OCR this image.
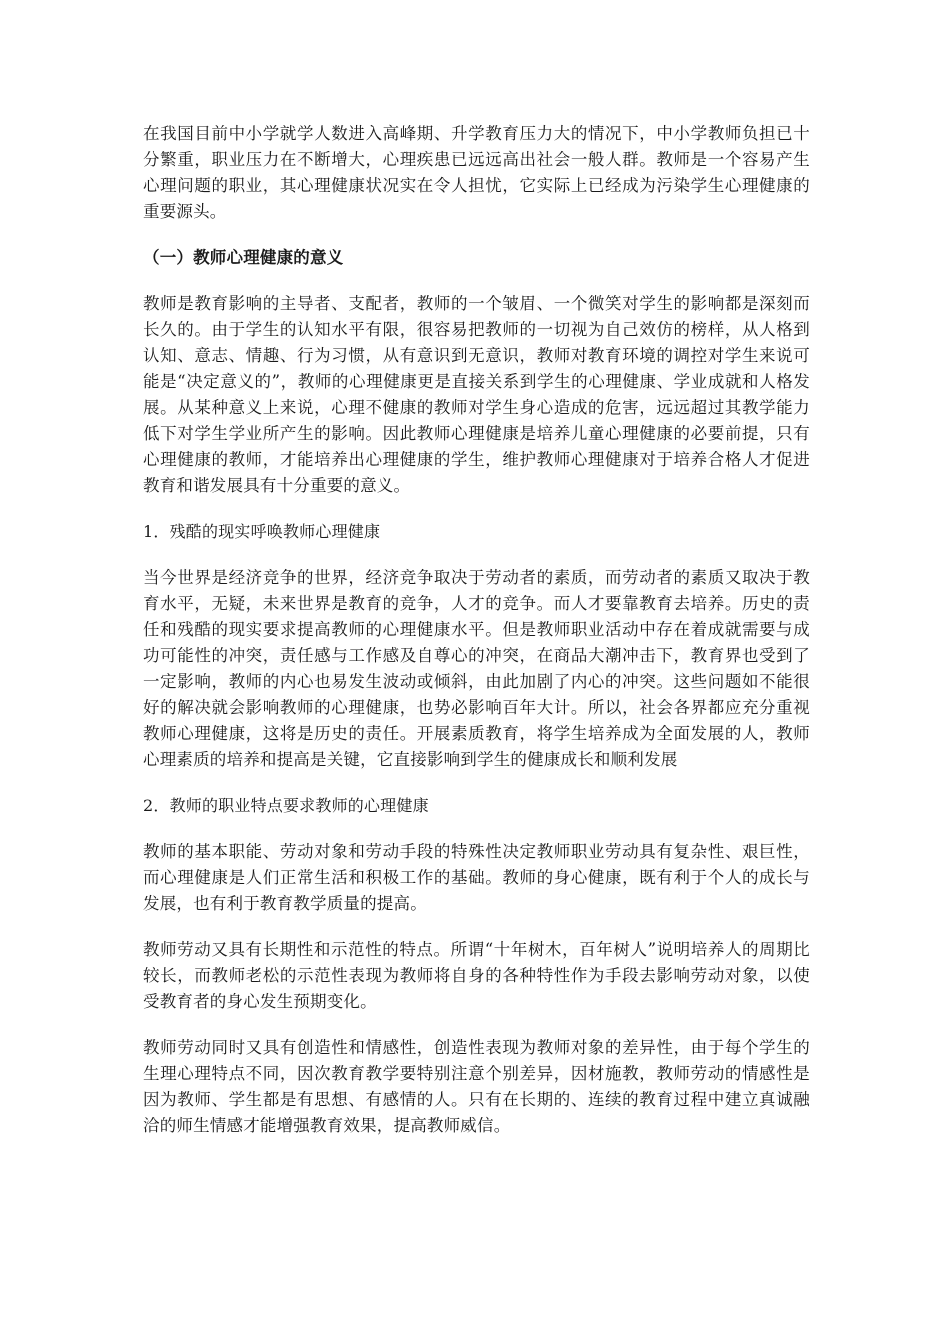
在我国目前中小学就学人数进入高峰期、升学教育压力大的情况下，中小学教师负担已十分繁重，职业压力在不断增大，心理疾患已远远高出社会一般人群。教师是一个容易产生心理问题的职业，其心理健康状况实在令人担忧，它实际上已经成为污染学生心理健康的重要源头。

（一）教师心理健康的意义

教师是教育影响的主导者、支配者，教师的一个皱眉、一个微笑对学生的影响都是深刻而长久的。由于学生的认知水平有限，很容易把教师的一切视为自己效仿的榜样，从人格到认知、意志、情趣、行为习惯，从有意识到无意识，教师对教育环境的调控对学生来说可能是“决定意义的”，教师的心理健康更是直接关系到学生的心理健康、学业成就和人格发展。从某种意义上来说，心理不健康的教师对学生身心造成的危害，远远超过其教学能力低下对学生学业所产生的影响。因此教师心理健康是培养儿童心理健康的必要前提，只有心理健康的教师，才能培养出心理健康的学生，维护教师心理健康对于培养合格人才促进教育和谐发展具有十分重要的意义。

1．残酷的现实呼唤教师心理健康

当今世界是经济竞争的世界，经济竞争取决于劳动者的素质，而劳动者的素质又取决于教育水平，无疑，未来世界是教育的竞争，人才的竞争。而人才要靠教育去培养。历史的责任和残酷的现实要求提高教师的心理健康水平。但是教师职业活动中存在着成就需要与成功可能性的冲突，责任感与工作感及自尊心的冲突，在商品大潮冲击下，教育界也受到了一定影响，教师的内心也易发生波动或倾斜，由此加剧了内心的冲突。这些问题如不能很好的解决就会影响教师的心理健康，也势必影响百年大计。所以，社会各界都应充分重视教师心理健康，这将是历史的责任。开展素质教育，将学生培养成为全面发展的人，教师心理素质的培养和提高是关键，它直接影响到学生的健康成长和顺利发展

2．教师的职业特点要求教师的心理健康

教师的基本职能、劳动对象和劳动手段的特殊性决定教师职业劳动具有复杂性、艰巨性，而心理健康是人们正常生活和积极工作的基础。教师的身心健康，既有利于个人的成长与发展，也有利于教育教学质量的提高。

教师劳动又具有长期性和示范性的特点。所谓“十年树木，百年树人”说明培养人的周期比较长，而教师老松的示范性表现为教师将自身的各种特性作为手段去影响劳动对象，以使受教育者的身心发生预期变化。

教师劳动同时又具有创造性和情感性，创造性表现为教师对象的差异性，由于每个学生的生理心理特点不同，因次教育教学要特别注意个别差异，因材施教，教师劳动的情感性是因为教师、学生都是有思想、有感情的人。只有在长期的、连续的教育过程中建立真诚融洽的师生情感才能增强教育效果，提高教师威信。
